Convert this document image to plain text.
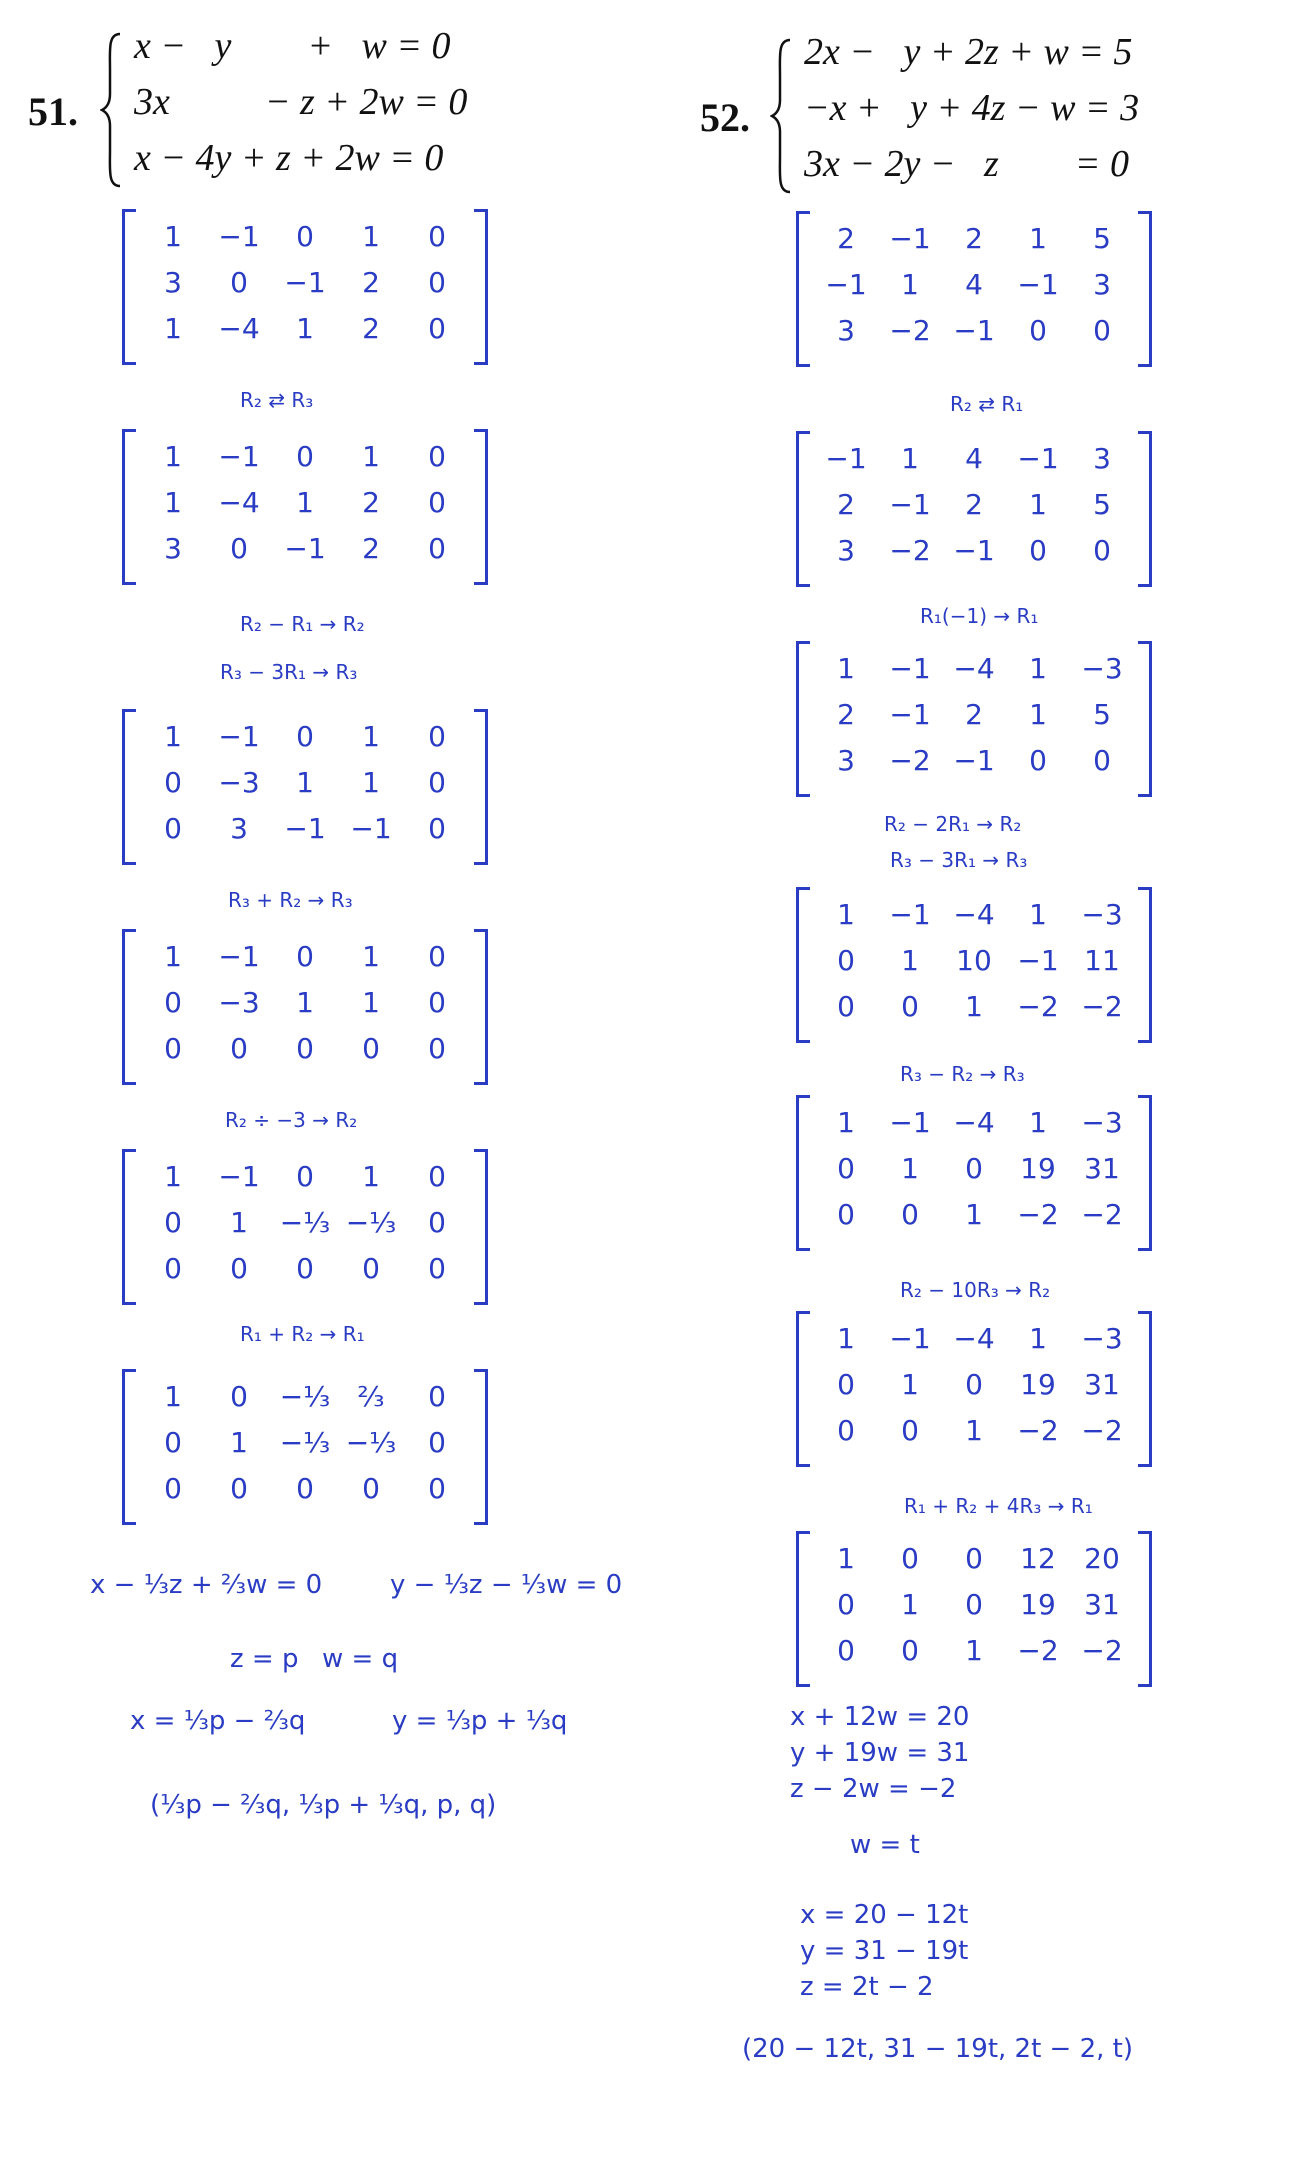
51.
x −   y        +   w = 0
3x          − z + 2w = 0
x − 4y + z + 2w = 0
1	−1	0	1	0
3	0	−1	2	0
1	−4	1	2	0
1	−1	0	1	0
1	−4	1	2	0
3	0	−1	2	0
1	−1	0	1	0
0	−3	1	1	0
0	3	−1 −1	0
1	−1	0	1	0
0	−3	1	1	0
0	0	0	0	0
1	−1	0	1	0
0	1	−⅓ −⅓	0
0	0	0	0	0
1	0	−⅓ ⅔	0
0	1	−⅓ −⅓	0
0	0	0	0	0
R₂ ⇄ R₃
R₂ − R₁ → R₂
R₃ − 3R₁ → R₃
R₃ + R₂ → R₃
R₂ ÷ −3 → R₂
R₁ + R₂ → R₁
x − ⅓z + ⅔w = 0	y − ⅓z − ⅓w = 0
z = p w = q
x = ⅓p − ⅔q	y = ⅓p + ⅓q
(⅓p − ⅔q, ⅓p + ⅓q, p, q)
52.
2x −   y + 2z + w = 5
−x +   y + 4z − w = 3
3x − 2y −   z        = 0
2	−1	2	1	5
−1	1	4	−1	3
3	−2 −1	0	0
−1	1	4	−1	3
2	−1	2	1	5
3	−2 −1	0	0
1	−1 −4	1	−3
2	−1	2	1	5
3	−2 −1	0	0
1	−1 −4	1	−3
0	1	10 −1 11
0	0	1	−2 −2
1	−1 −4	1	−3
0	1	0	19	31
0	0	1	−2 −2
1	−1 −4	1	−3
0	1	0	19	31
0	0	1	−2 −2
1	0	0	12	20
0	1	0	19	31
0	0	1	−2 −2
R₂ ⇄ R₁
R₁(−1) → R₁
R₂ − 2R₁ → R₂
R₃ − 3R₁ → R₃
R₃ − R₂ → R₃
R₂ − 10R₃ → R₂
R₁ + R₂ + 4R₃ → R₁
x + 12w = 20
y + 19w = 31
z − 2w = −2
w = t
x = 20 − 12t
y = 31 − 19t
z = 2t − 2
(20 − 12t, 31 − 19t, 2t − 2, t)
